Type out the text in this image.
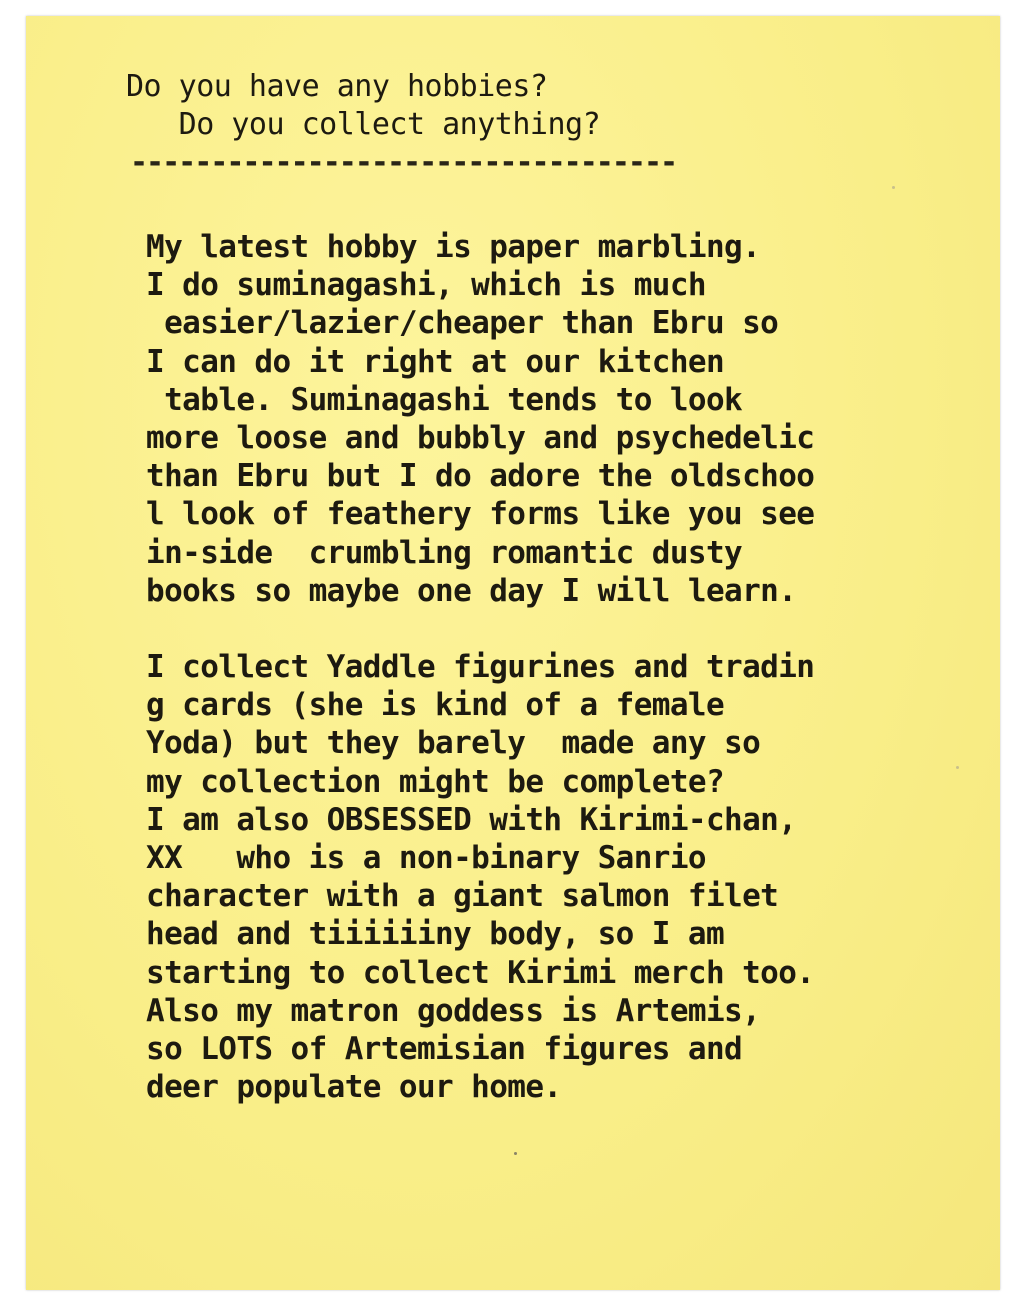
Do you have any hobbies?
Do you collect anything?
----------------------------------
My latest hobby is paper marbling.
I do suminagashi, which is much
easier/lazier/cheaper than Ebru so
I can do it right at our kitchen
table. Suminagashi tends to look
more loose and bubbly and psychedelic
than Ebru but I do adore the oldschoo
l look of feathery forms like you see
in-side  crumbling romantic dusty
books so maybe one day I will learn.
I collect Yaddle figurines and tradin
g cards (she is kind of a female
Yoda) but they barely  made any so
my collection might be complete?
I am also OBSESSED with Kirimi-chan,
XX   who is a non-binary Sanrio
character with a giant salmon filet
head and tiiiiiiny body, so I am
starting to collect Kirimi merch too.
Also my matron goddess is Artemis,
so LOTS of Artemisian figures and
deer populate our home.
